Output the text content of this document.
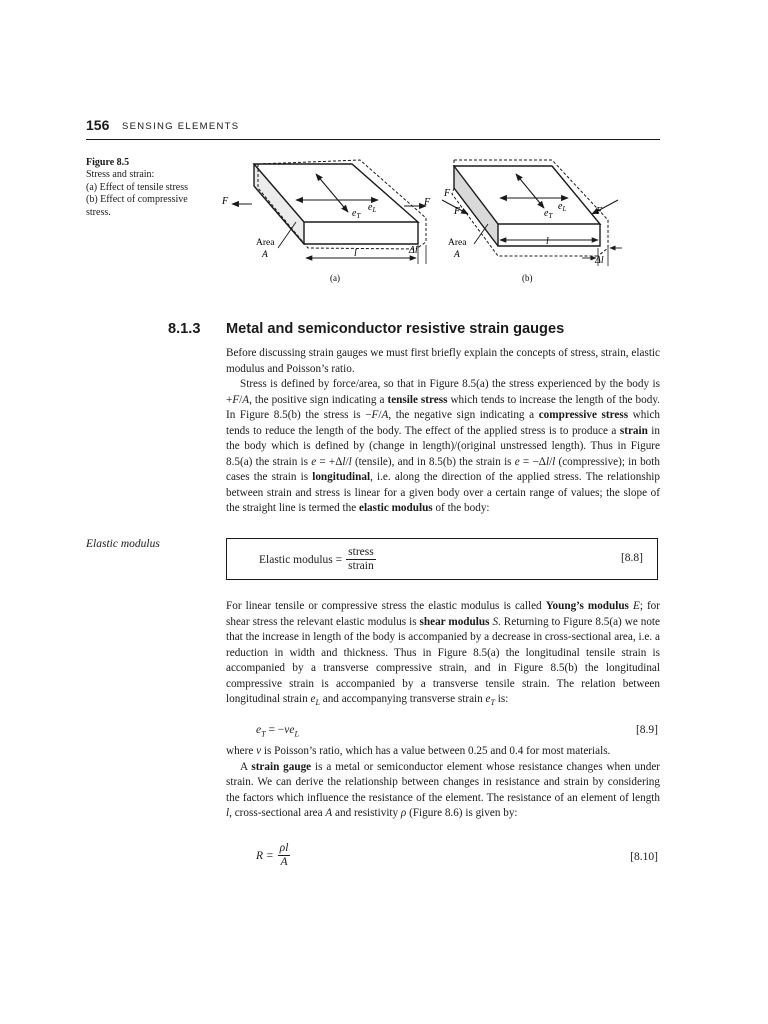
156 SENSING ELEMENTS
Figure 8.5
Stress and strain:
(a) Effect of tensile stress
(b) Effect of compressive
stress.
F	F
$e_L$
$e_T$
Area
A	l	Δl
(a)
F
F	F
$e_L$
$e_T$
Area
A
l
Δl
(b)
8.1.3 Metal and semiconductor resistive strain gauges

Before discussing strain gauges we must first briefly explain the concepts of stress, strain, elastic modulus and Poisson’s ratio.

Stress is defined by force/area, so that in Figure 8.5(a) the stress experienced by the body is +F/A, the positive sign indicating a tensile stress which tends to increase the length of the body. In Figure 8.5(b) the stress is −F/A, the negative sign indicating a compressive stress which tends to reduce the length of the body. The effect of the applied stress is to produce a strain in the body which is defined by (change in length)/(original unstressed length). Thus in Figure 8.5(a) the strain is e = +Δl/l (tensile), and in 8.5(b) the strain is e = −Δl/l (compressive); in both cases the strain is longitudinal, i.e. along the direction of the applied stress. The relationship between strain and stress is linear for a given body over a certain range of values; the slope of the straight line is termed the elastic modulus of the body:

Elastic modulus
Elastic modulus = $\frac{\text{stress}}{\text{strain}}$	[8.8]

For linear tensile or compressive stress the elastic modulus is called Young’s modulus E; for shear stress the relevant elastic modulus is shear modulus S. Returning to Figure 8.5(a) we note that the increase in length of the body is accompanied by a decrease in cross-sectional area, i.e. a reduction in width and thickness. Thus in Figure 8.5(a) the longitudinal tensile strain is accompanied by a transverse compressive strain, and in Figure 8.5(b) the longitudinal compressive strain is accompanied by a transverse tensile strain. The relation between longitudinal strain $e_L$ and accompanying transverse strain $e_T$ is:

$e_T = -ve_L$	[8.9]

where ν is Poisson’s ratio, which has a value between 0.25 and 0.4 for most materials.

A strain gauge is a metal or semiconductor element whose resistance changes when under strain. We can derive the relationship between changes in resistance and strain by considering the factors which influence the resistance of the element. The resistance of an element of length l, cross-sectional area A and resistivity ρ (Figure 8.6) is given by:

$R = \frac{\rho l}{A}$	[8.10]
